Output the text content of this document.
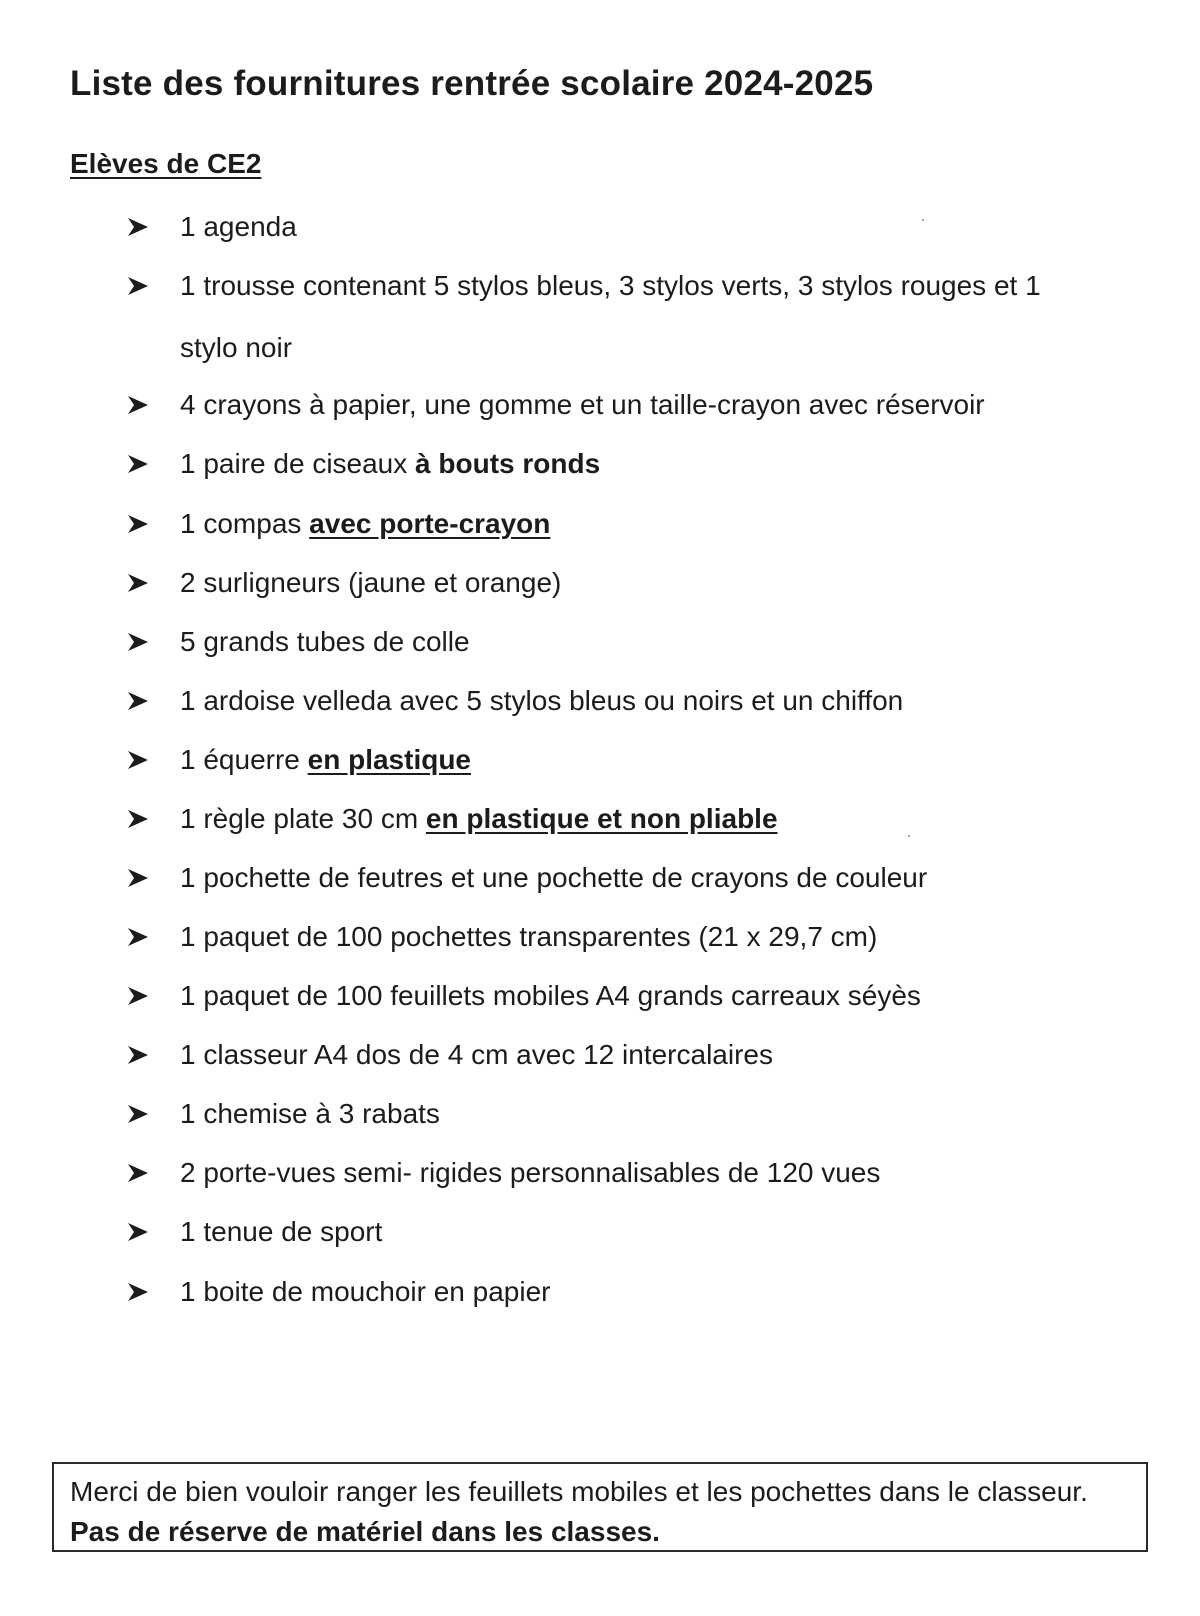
Liste des fournitures rentrée scolaire 2024-2025
Elèves de CE2
1 agenda
1 trousse contenant 5 stylos bleus, 3 stylos verts, 3 stylos rouges et 1
stylo noir
4 crayons à papier, une gomme et un taille-crayon avec réservoir
1 paire de ciseaux à bouts ronds
1 compas avec porte-crayon
2 surligneurs (jaune et orange)
5 grands tubes de colle
1 ardoise velleda avec 5 stylos bleus ou noirs et un chiffon
1 équerre en plastique
1 règle plate 30 cm en plastique et non pliable
1 pochette de feutres et une pochette de crayons de couleur
1 paquet de 100 pochettes transparentes (21 x 29,7 cm)
1 paquet de 100 feuillets mobiles A4 grands carreaux séyès
1 classeur A4 dos de 4 cm avec 12 intercalaires
1 chemise à 3 rabats
2 porte-vues semi- rigides personnalisables de 120 vues
1 tenue de sport
1 boite de mouchoir en papier
Merci de bien vouloir ranger les feuillets mobiles et les pochettes dans le classeur. Pas de réserve de matériel dans les classes.
